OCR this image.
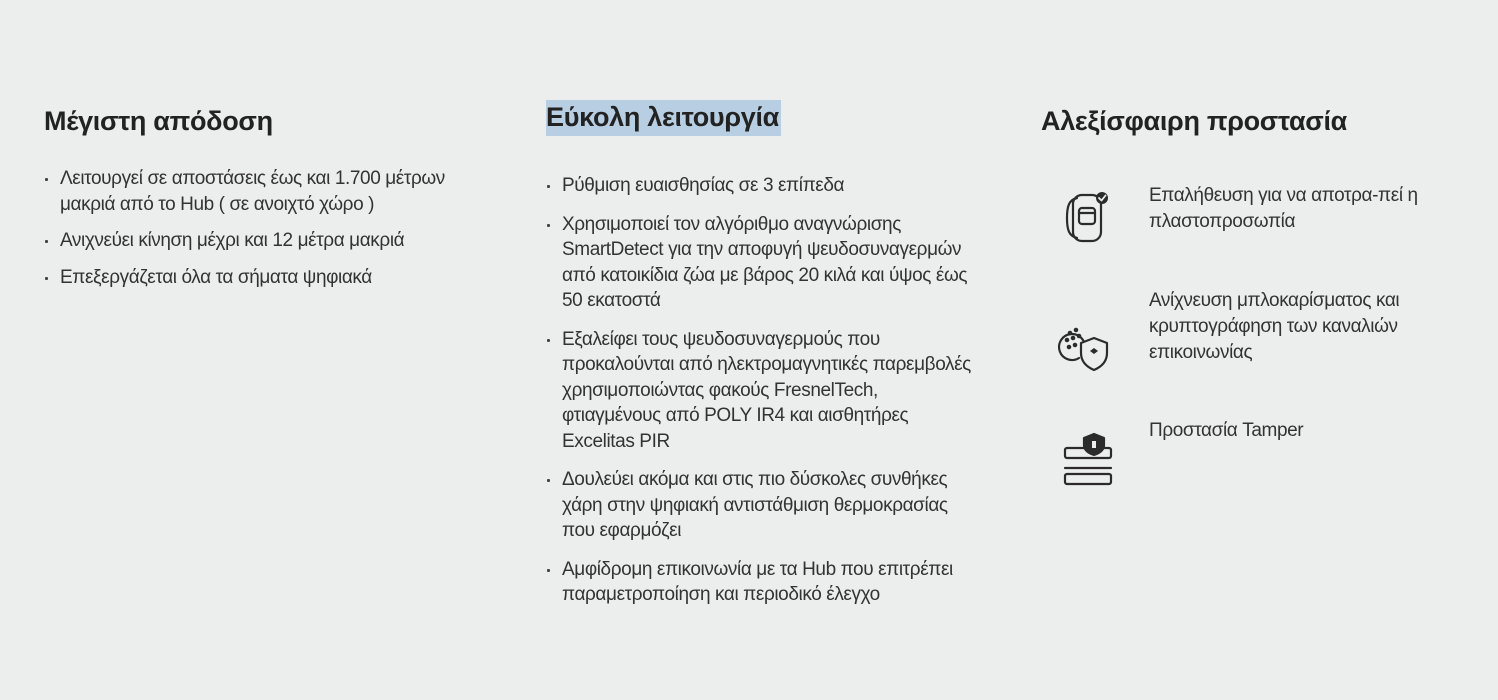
Μέγιστη απόδοση
Λειτουργεί σε αποστάσεις έως και 1.700 μέτρων μακριά από το Hub ( σε ανοιχτό χώρο )
Ανιχνεύει κίνηση μέχρι και 12 μέτρα μακριά
Επεξεργάζεται όλα τα σήματα ψηφιακά
Εύκολη λειτουργία
Ρύθμιση ευαισθησίας σε 3 επίπεδα
Χρησιμοποιεί τον αλγόριθμο αναγνώρισης SmartDetect για την αποφυγή ψευδοσυναγερμών από κατοικίδια ζώα με βάρος 20 κιλά και ύψος έως 50 εκατοστά
Εξαλείφει τους ψευδοσυναγερμούς που προκαλούνται από ηλεκτρομαγνητικές παρεμβολές χρησιμοποιώντας φακούς FresnelTech, φτιαγμένους από POLY IR4 και αισθητήρες Excelitas PIR
Δουλεύει ακόμα και στις πιο δύσκολες συνθήκες χάρη στην ψηφιακή αντιστάθμιση θερμοκρασίας που εφαρμόζει
Αμφίδρομη επικοινωνία με τα Hub που επιτρέπει παραμετροποίηση και περιοδικό έλεγχο
Αλεξίσφαιρη προστασία
Επαλήθευση για να αποτρα-πεί η πλαστοπροσωπία
Ανίχνευση μπλοκαρίσματος και κρυπτογράφηση των καναλιών επικοινωνίας
Προστασία Tamper
